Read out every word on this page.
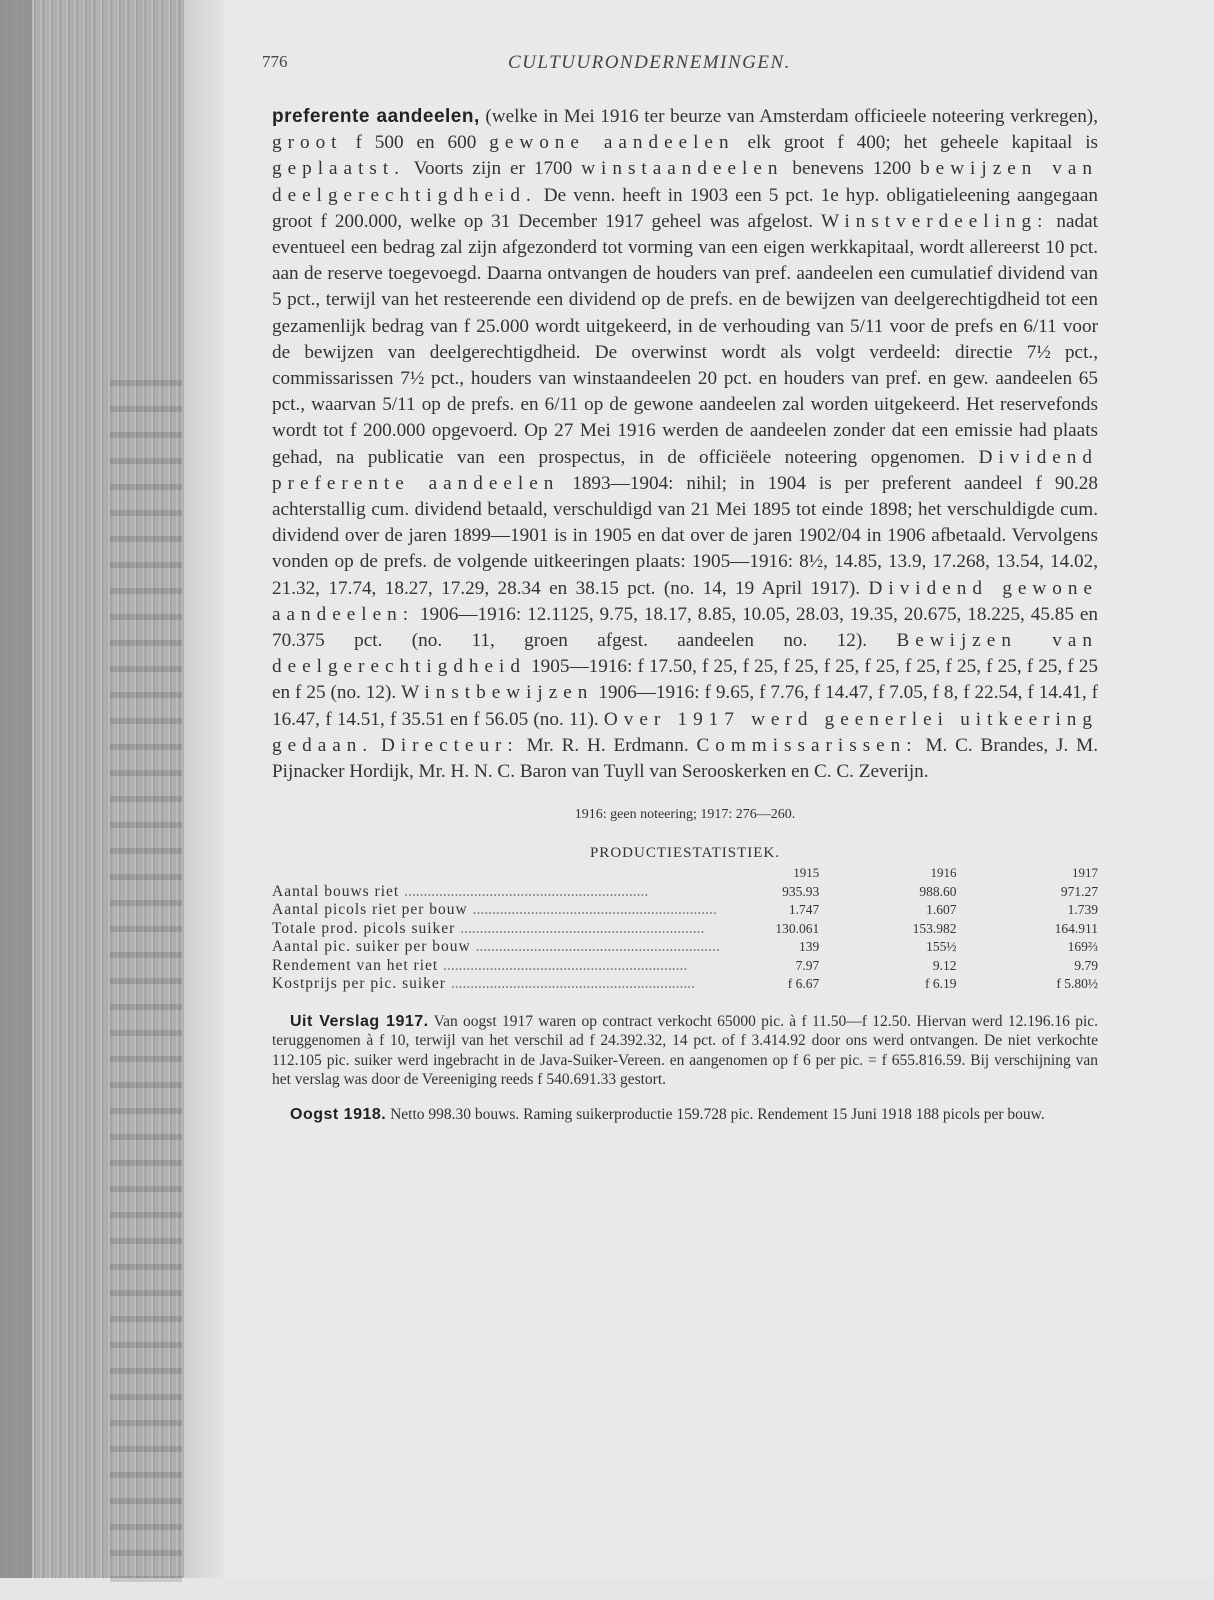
776	CULTUURONDERNEMINGEN.

preferente aandeelen, (welke in Mei 1916 ter beurze van Amsterdam officieele noteering verkregen), groot f 500 en 600 gewone aandeelen elk groot f 400; het geheele kapitaal is geplaatst. Voorts zijn er 1700 winstaandeelen benevens 1200 bewijzen van deelgerechtigdheid. De venn. heeft in 1903 een 5 pct. 1e hyp. obligatieleening aangegaan groot f 200.000, welke op 31 December 1917 geheel was afgelost. Winstverdeeling: nadat eventueel een bedrag zal zijn afgezonderd tot vorming van een eigen werkkapitaal, wordt allereerst 10 pct. aan de reserve toegevoegd. Daarna ontvangen de houders van pref. aandeelen een cumulatief dividend van 5 pct., terwijl van het resteerende een dividend op de prefs. en de bewijzen van deelgerechtigdheid tot een gezamenlijk bedrag van f 25.000 wordt uitgekeerd, in de verhouding van 5/11 voor de prefs en 6/11 voor de bewijzen van deelgerechtigdheid. De overwinst wordt als volgt verdeeld: directie 7½ pct., commissarissen 7½ pct., houders van winstaandeelen 20 pct. en houders van pref. en gew. aandeelen 65 pct., waarvan 5/11 op de prefs. en 6/11 op de gewone aandeelen zal worden uitgekeerd. Het reservefonds wordt tot f 200.000 opgevoerd. Op 27 Mei 1916 werden de aandeelen zonder dat een emissie had plaats gehad, na publicatie van een prospectus, in de officiëele noteering opgenomen. Dividend preferente aandeelen 1893—1904: nihil; in 1904 is per preferent aandeel f 90.28 achterstallig cum. dividend betaald, verschuldigd van 21 Mei 1895 tot einde 1898; het verschuldigde cum. dividend over de jaren 1899—1901 is in 1905 en dat over de jaren 1902/04 in 1906 afbetaald. Vervolgens vonden op de prefs. de volgende uitkeeringen plaats: 1905—1916: 8½, 14.85, 13.9, 17.268, 13.54, 14.02, 21.32, 17.74, 18.27, 17.29, 28.34 en 38.15 pct. (no. 14, 19 April 1917). Dividend gewone aandeelen: 1906—1916: 12.1125, 9.75, 18.17, 8.85, 10.05, 28.03, 19.35, 20.675, 18.225, 45.85 en 70.375 pct. (no. 11, groen afgest. aandeelen no. 12). Bewijzen van deelgerechtigdheid 1905—1916: f 17.50, f 25, f 25, f 25, f 25, f 25, f 25, f 25, f 25, f 25, f 25 en f 25 (no. 12). Winstbewijzen 1906—1916: f 9.65, f 7.76, f 14.47, f 7.05, f 8, f 22.54, f 14.41, f 16.47, f 14.51, f 35.51 en f 56.05 (no. 11). Over 1917 werd geenerlei uitkeering gedaan. Directeur: Mr. R. H. Erdmann. Commissarissen: M. C. Brandes, J. M. Pijnacker Hordijk, Mr. H. N. C. Baron van Tuyll van Serooskerken en C. C. Zeverijn.

1916: geen noteering; 1917: 276—260.
PRODUCTIESTATISTIEK.
	1915	1916	1917
Aantal bouws riet ...............................................................	935.93	988.60	971.27
Aantal picols riet per bouw ...............................................................	1.747	1.607	1.739
Totale prod. picols suiker ...............................................................	130.061	153.982	164.911
Aantal pic. suiker per bouw ...............................................................	139	155½	169⅔
Rendement van het riet ...............................................................	7.97	9.12	9.79
Kostprijs per pic. suiker ...............................................................	f 6.67	f 6.19	f 5.80½

Uit Verslag 1917. Van oogst 1917 waren op contract verkocht 65000 pic. à f 11.50—f 12.50. Hiervan werd 12.196.16 pic. teruggenomen à f 10, terwijl van het verschil ad f 24.392.32, 14 pct. of f 3.414.92 door ons werd ontvangen. De niet verkochte 112.105 pic. suiker werd ingebracht in de Java-Suiker-Vereen. en aangenomen op f 6 per pic. = f 655.816.59. Bij verschijning van het verslag was door de Vereeniging reeds f 540.691.33 gestort.

Oogst 1918. Netto 998.30 bouws. Raming suikerproductie 159.728 pic. Rendement 15 Juni 1918 188 picols per bouw.
